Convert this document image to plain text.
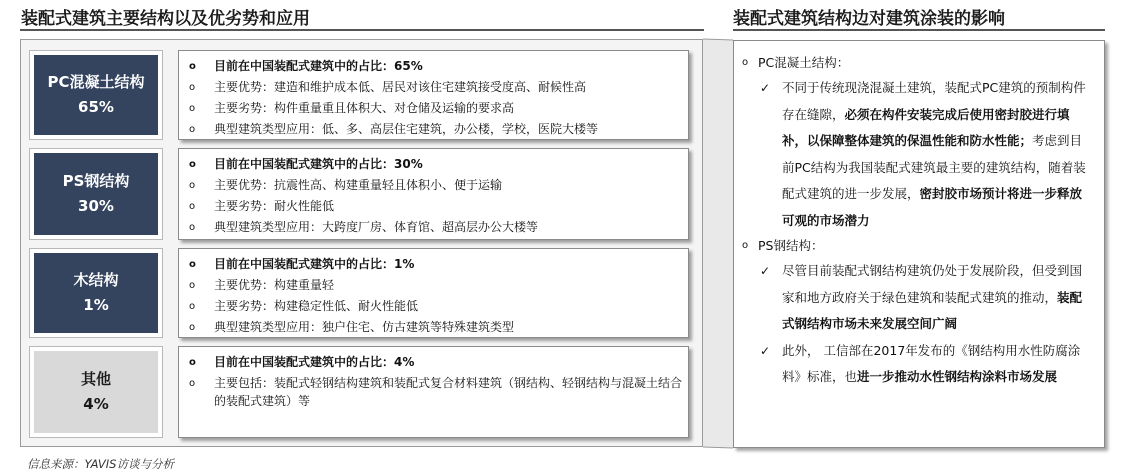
装配式建筑主要结构以及优劣势和应用	装配式建筑结构边对建筑涂装的影响
PC混凝土结构
65%
PS钢结构
30%
木结构
1%
其他
4%
o 目前在中国装配式建筑中的占比：65%
o 主要优势：建造和维护成本低、居民对该住宅建筑接受度高、耐候性高
o 主要劣势：构件重量重且体积大、对仓储及运输的要求高
o 典型建筑类型应用：低、多、高层住宅建筑，办公楼，学校，医院大楼等
o 目前在中国装配式建筑中的占比：30%
o 主要优势：抗震性高、构建重量轻且体积小、便于运输
o 主要劣势：耐火性能低
o 典型建筑类型应用：大跨度厂房、体育馆、超高层办公大楼等
o 目前在中国装配式建筑中的占比：1%
o 主要优势：构建重量轻
o 主要劣势：构建稳定性低、耐火性能低
o 典型建筑类型应用：独户住宅、仿古建筑等特殊建筑类型
o 目前在中国装配式建筑中的占比：4%
o 主要包括：装配式轻钢结构建筑和装配式复合材料建筑（钢结构、轻钢结构与混凝土结合的装配式建筑）等
o PC混凝土结构：
✓ 不同于传统现浇混凝土建筑，装配式PC建筑的预制构件存在缝隙，必须在构件安装完成后使用密封胶进行填补，以保障整体建筑的保温性能和防水性能；考虑到目前PC结构为我国装配式建筑最主要的建筑结构，随着装配式建筑的进一步发展，密封胶市场预计将进一步释放可观的市场潜力
o PS钢结构：
✓ 尽管目前装配式钢结构建筑仍处于发展阶段，但受到国家和地方政府关于绿色建筑和装配式建筑的推动，装配式钢结构市场未来发展空间广阔
✓ 此外， 工信部在2017年发布的《钢结构用水性防腐涂料》标准，也进一步推动水性钢结构涂料市场发展
信息来源：YAVIS访谈与分析
